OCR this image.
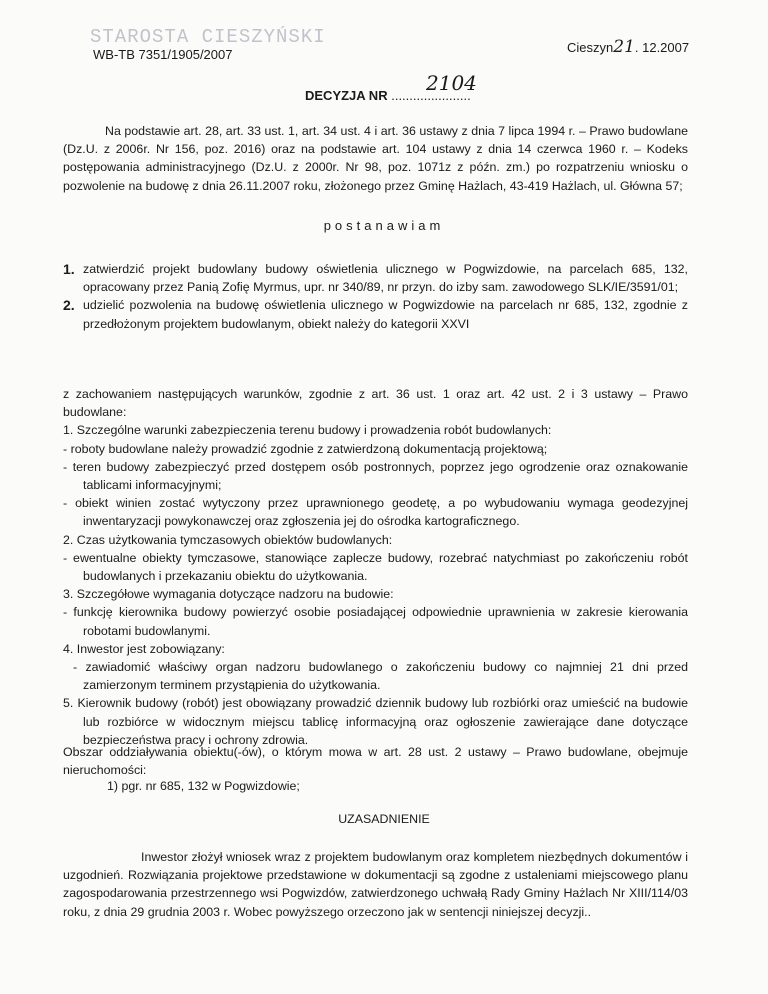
STAROSTA CIESZYŃSKI
WB-TB 7351/1905/2007	Cieszyn21. 12.2007
DECYZJA NR ......................
2104
Na podstawie art. 28, art. 33 ust. 1, art. 34 ust. 4 i art. 36 ustawy z dnia 7 lipca 1994 r. – Prawo budowlane (Dz.U. z 2006r. Nr 156, poz. 2016) oraz na podstawie art. 104 ustawy z dnia 14 czerwca 1960 r. – Kodeks postępowania administracyjnego (Dz.U. z 2000r. Nr 98, poz. 1071z z późn. zm.) po rozpatrzeniu wniosku o pozwolenie na budowę z dnia 26.11.2007 roku, złożonego przez Gminę Hażlach, 43-419 Hażlach, ul. Główna 57;
postanawiam
1. zatwierdzić projekt budowlany budowy oświetlenia ulicznego w Pogwizdowie, na parcelach 685, 132, opracowany przez Panią Zofię Myrmus, upr. nr 340/89, nr przyn. do izby sam. zawodowego SLK/IE/3591/01;
2. udzielić pozwolenia na budowę oświetlenia ulicznego w Pogwizdowie na parcelach nr 685, 132, zgodnie z przedłożonym projektem budowlanym, obiekt należy do kategorii XXVI
z zachowaniem następujących warunków, zgodnie z art. 36 ust. 1 oraz art. 42 ust. 2 i 3 ustawy – Prawo budowlane:
1. Szczególne warunki zabezpieczenia terenu budowy i prowadzenia robót budowlanych:
- roboty budowlane należy prowadzić zgodnie z zatwierdzoną dokumentacją projektową;
- teren budowy zabezpieczyć przed dostępem osób postronnych, poprzez jego ogrodzenie oraz oznakowanie tablicami informacyjnymi;
- obiekt winien zostać wytyczony przez uprawnionego geodetę, a po wybudowaniu wymaga geodezyjnej inwentaryzacji powykonawczej oraz zgłoszenia jej do ośrodka kartograficznego.
2. Czas użytkowania tymczasowych obiektów budowlanych:
- ewentualne obiekty tymczasowe, stanowiące zaplecze budowy, rozebrać natychmiast po zakończeniu robót budowlanych i przekazaniu obiektu do użytkowania.
3. Szczegółowe wymagania dotyczące nadzoru na budowie:
- funkcję kierownika budowy powierzyć osobie posiadającej odpowiednie uprawnienia w zakresie kierowania robotami budowlanymi.
4. Inwestor jest zobowiązany:
- zawiadomić właściwy organ nadzoru budowlanego o zakończeniu budowy co najmniej 21 dni przed zamierzonym terminem przystąpienia do użytkowania.
5. Kierownik budowy (robót) jest obowiązany prowadzić dziennik budowy lub rozbiórki oraz umieścić na budowie lub rozbiórce w widocznym miejscu tablicę informacyjną oraz ogłoszenie zawierające dane dotyczące bezpieczeństwa pracy i ochrony zdrowia.
Obszar oddziaływania obiektu(-ów), o którym mowa w art. 28 ust. 2 ustawy – Prawo budowlane, obejmuje nieruchomości:
1) pgr. nr 685, 132 w Pogwizdowie;
UZASADNIENIE
Inwestor złożył wniosek wraz z projektem budowlanym oraz kompletem niezbędnych dokumentów i uzgodnień. Rozwiązania projektowe przedstawione w dokumentacji są zgodne z ustaleniami miejscowego planu zagospodarowania przestrzennego wsi Pogwizdów, zatwierdzonego uchwałą Rady Gminy Hażlach Nr XIII/114/03 roku, z dnia 29 grudnia 2003 r. Wobec powyższego orzeczono jak w sentencji niniejszej decyzji..
